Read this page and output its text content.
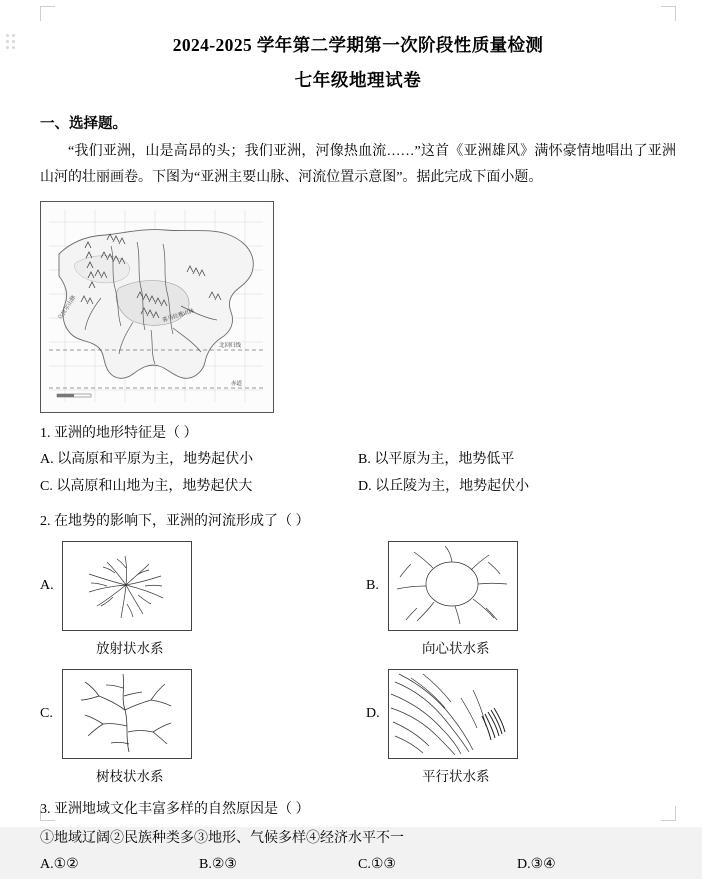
2024-2025 学年第二学期第一次阶段性质量检测
七年级地理试卷
一、选择题。

“我们亚洲，山是高昂的头；我们亚洲，河像热血流……”这首《亚洲雄风》满怀豪情地唱出了亚洲山河的壮丽画卷。下图为“亚洲主要山脉、河流位置示意图”。据此完成下面小题。

北回归线
赤道
乌拉尔山脉	喜马拉雅山脉
1. 亚洲的地形特征是（ ）
A. 以高原和平原为主，地势起伏小	B. 以平原为主，地势低平
C. 以高原和山地为主，地势起伏大	D. 以丘陵为主，地势起伏小
2. 在地势的影响下，亚洲的河流形成了（ ）
A.	B.
放射状水系	向心状水系
C.	D.
树枝状水系	平行状水系
3. 亚洲地域文化丰富多样的自然原因是（ ）
①地域辽阔②民族种类多③地形、气候多样④经济水平不一
A.①②	B.②③	C.①③	D.③④
